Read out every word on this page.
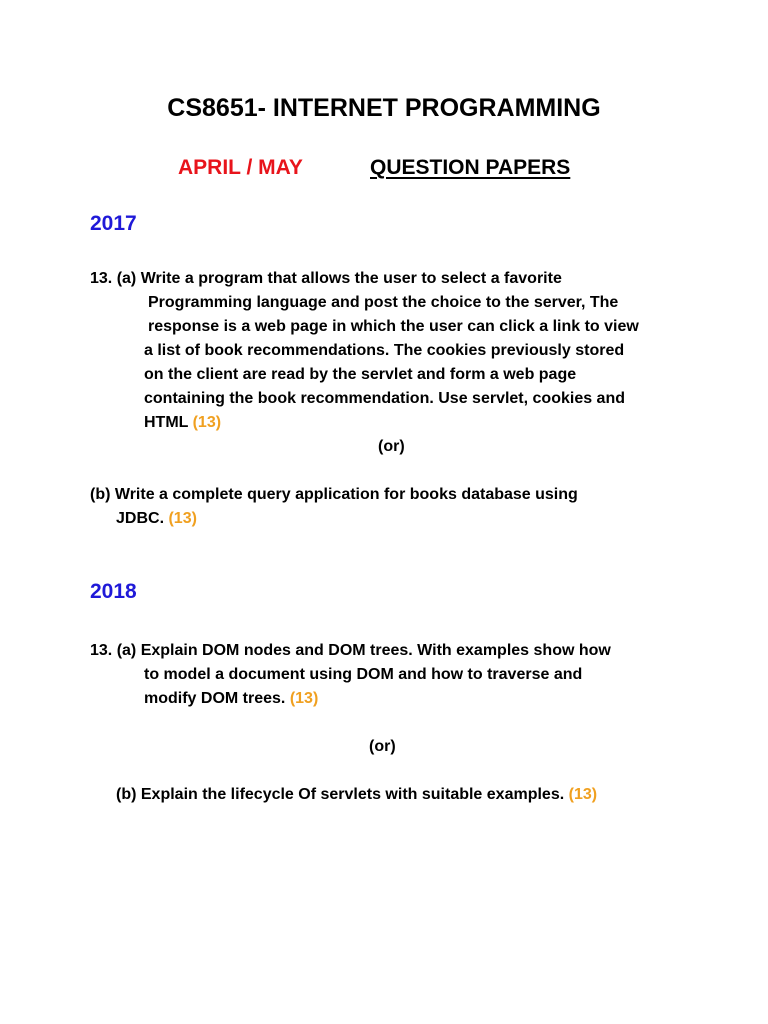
CS8651- INTERNET PROGRAMMING
APRIL / MAY	QUESTION PAPERS
2017
13. (a) Write a program that allows the user to select a favorite
Programming language and post the choice to the server, The
response is a web page in which the user can click a link to view
a list of book recommendations. The cookies previously stored
on the client are read by the servlet and form a web page
containing the book recommendation. Use servlet, cookies and
HTML (13)
(or)
(b) Write a complete query application for books database using
JDBC. (13)
2018
13. (a) Explain DOM nodes and DOM trees. With examples show how
to model a document using DOM and how to traverse and
modify DOM trees. (13)
(or)
(b) Explain the lifecycle Of servlets with suitable examples. (13)
